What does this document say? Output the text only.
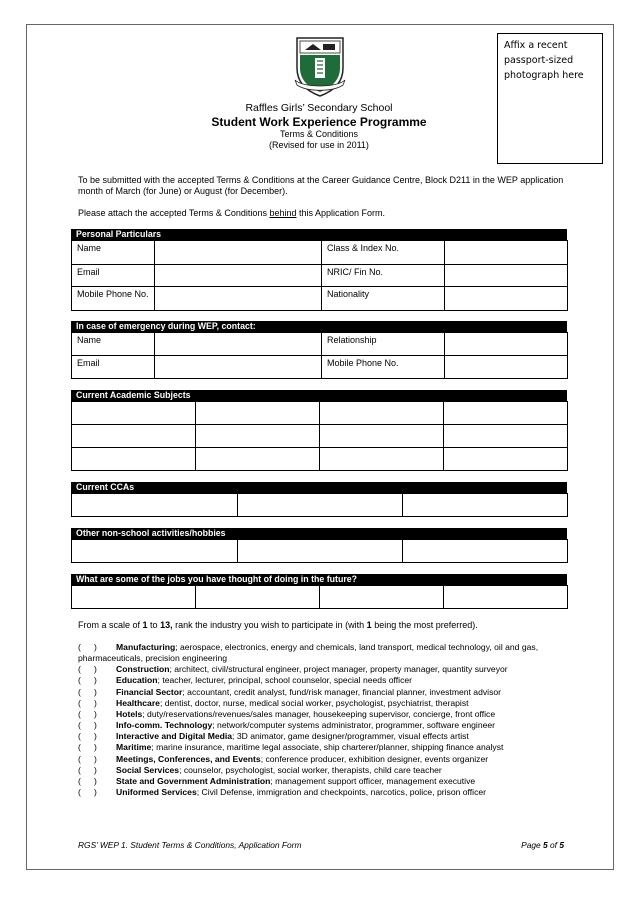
Affix a recent passport-sized photograph here
Raffles Girls’ Secondary School
Student Work Experience Programme
Terms & Conditions
(Revised for use in 2011)
To be submitted with the accepted Terms & Conditions at the Career Guidance Centre, Block D211 in the WEP application month of March (for June) or August (for December).
Please attach the accepted Terms & Conditions behind this Application Form.
Personal Particulars
Name		Class & Index No.	
Email		NRIC/ Fin No.	
Mobile Phone No.		Nationality	
In case of emergency during WEP, contact:
Name		Relationship	
Email		Mobile Phone No.	
Current Academic Subjects

Current CCAs

Other non-school activities/hobbies

What are some of the jobs you have thought of doing in the future?

From a scale of 1 to 13, rank the industry you wish to participate in (with 1 being the most preferred).
( ) Manufacturing; aerospace, electronics, energy and chemicals, land transport, medical technology, oil and gas, pharmaceuticals, precision engineering
( ) Construction; architect, civil/structural engineer, project manager, property manager, quantity surveyor
( ) Education; teacher, lecturer, principal, school counselor, special needs officer
( ) Financial Sector; accountant, credit analyst, fund/risk manager, financial planner, investment advisor
( ) Healthcare; dentist, doctor, nurse, medical social worker, psychologist, psychiatrist, therapist
( ) Hotels; duty/reservations/revenues/sales manager, housekeeping supervisor, concierge, front office
( ) Info-comm. Technology; network/computer systems administrator, programmer, software engineer
( ) Interactive and Digital Media; 3D animator, game designer/programmer, visual effects artist
( ) Maritime; marine insurance, maritime legal associate, ship charterer/planner, shipping finance analyst
( ) Meetings, Conferences, and Events; conference producer, exhibition designer, events organizer
( ) Social Services; counselor, psychologist, social worker, therapists, child care teacher
( ) State and Government Administration; management support officer, management executive
( ) Uniformed Services; Civil Defense, immigration and checkpoints, narcotics, police, prison officer
RGS’ WEP 1. Student Terms & Conditions, Application Form	Page 5 of 5
